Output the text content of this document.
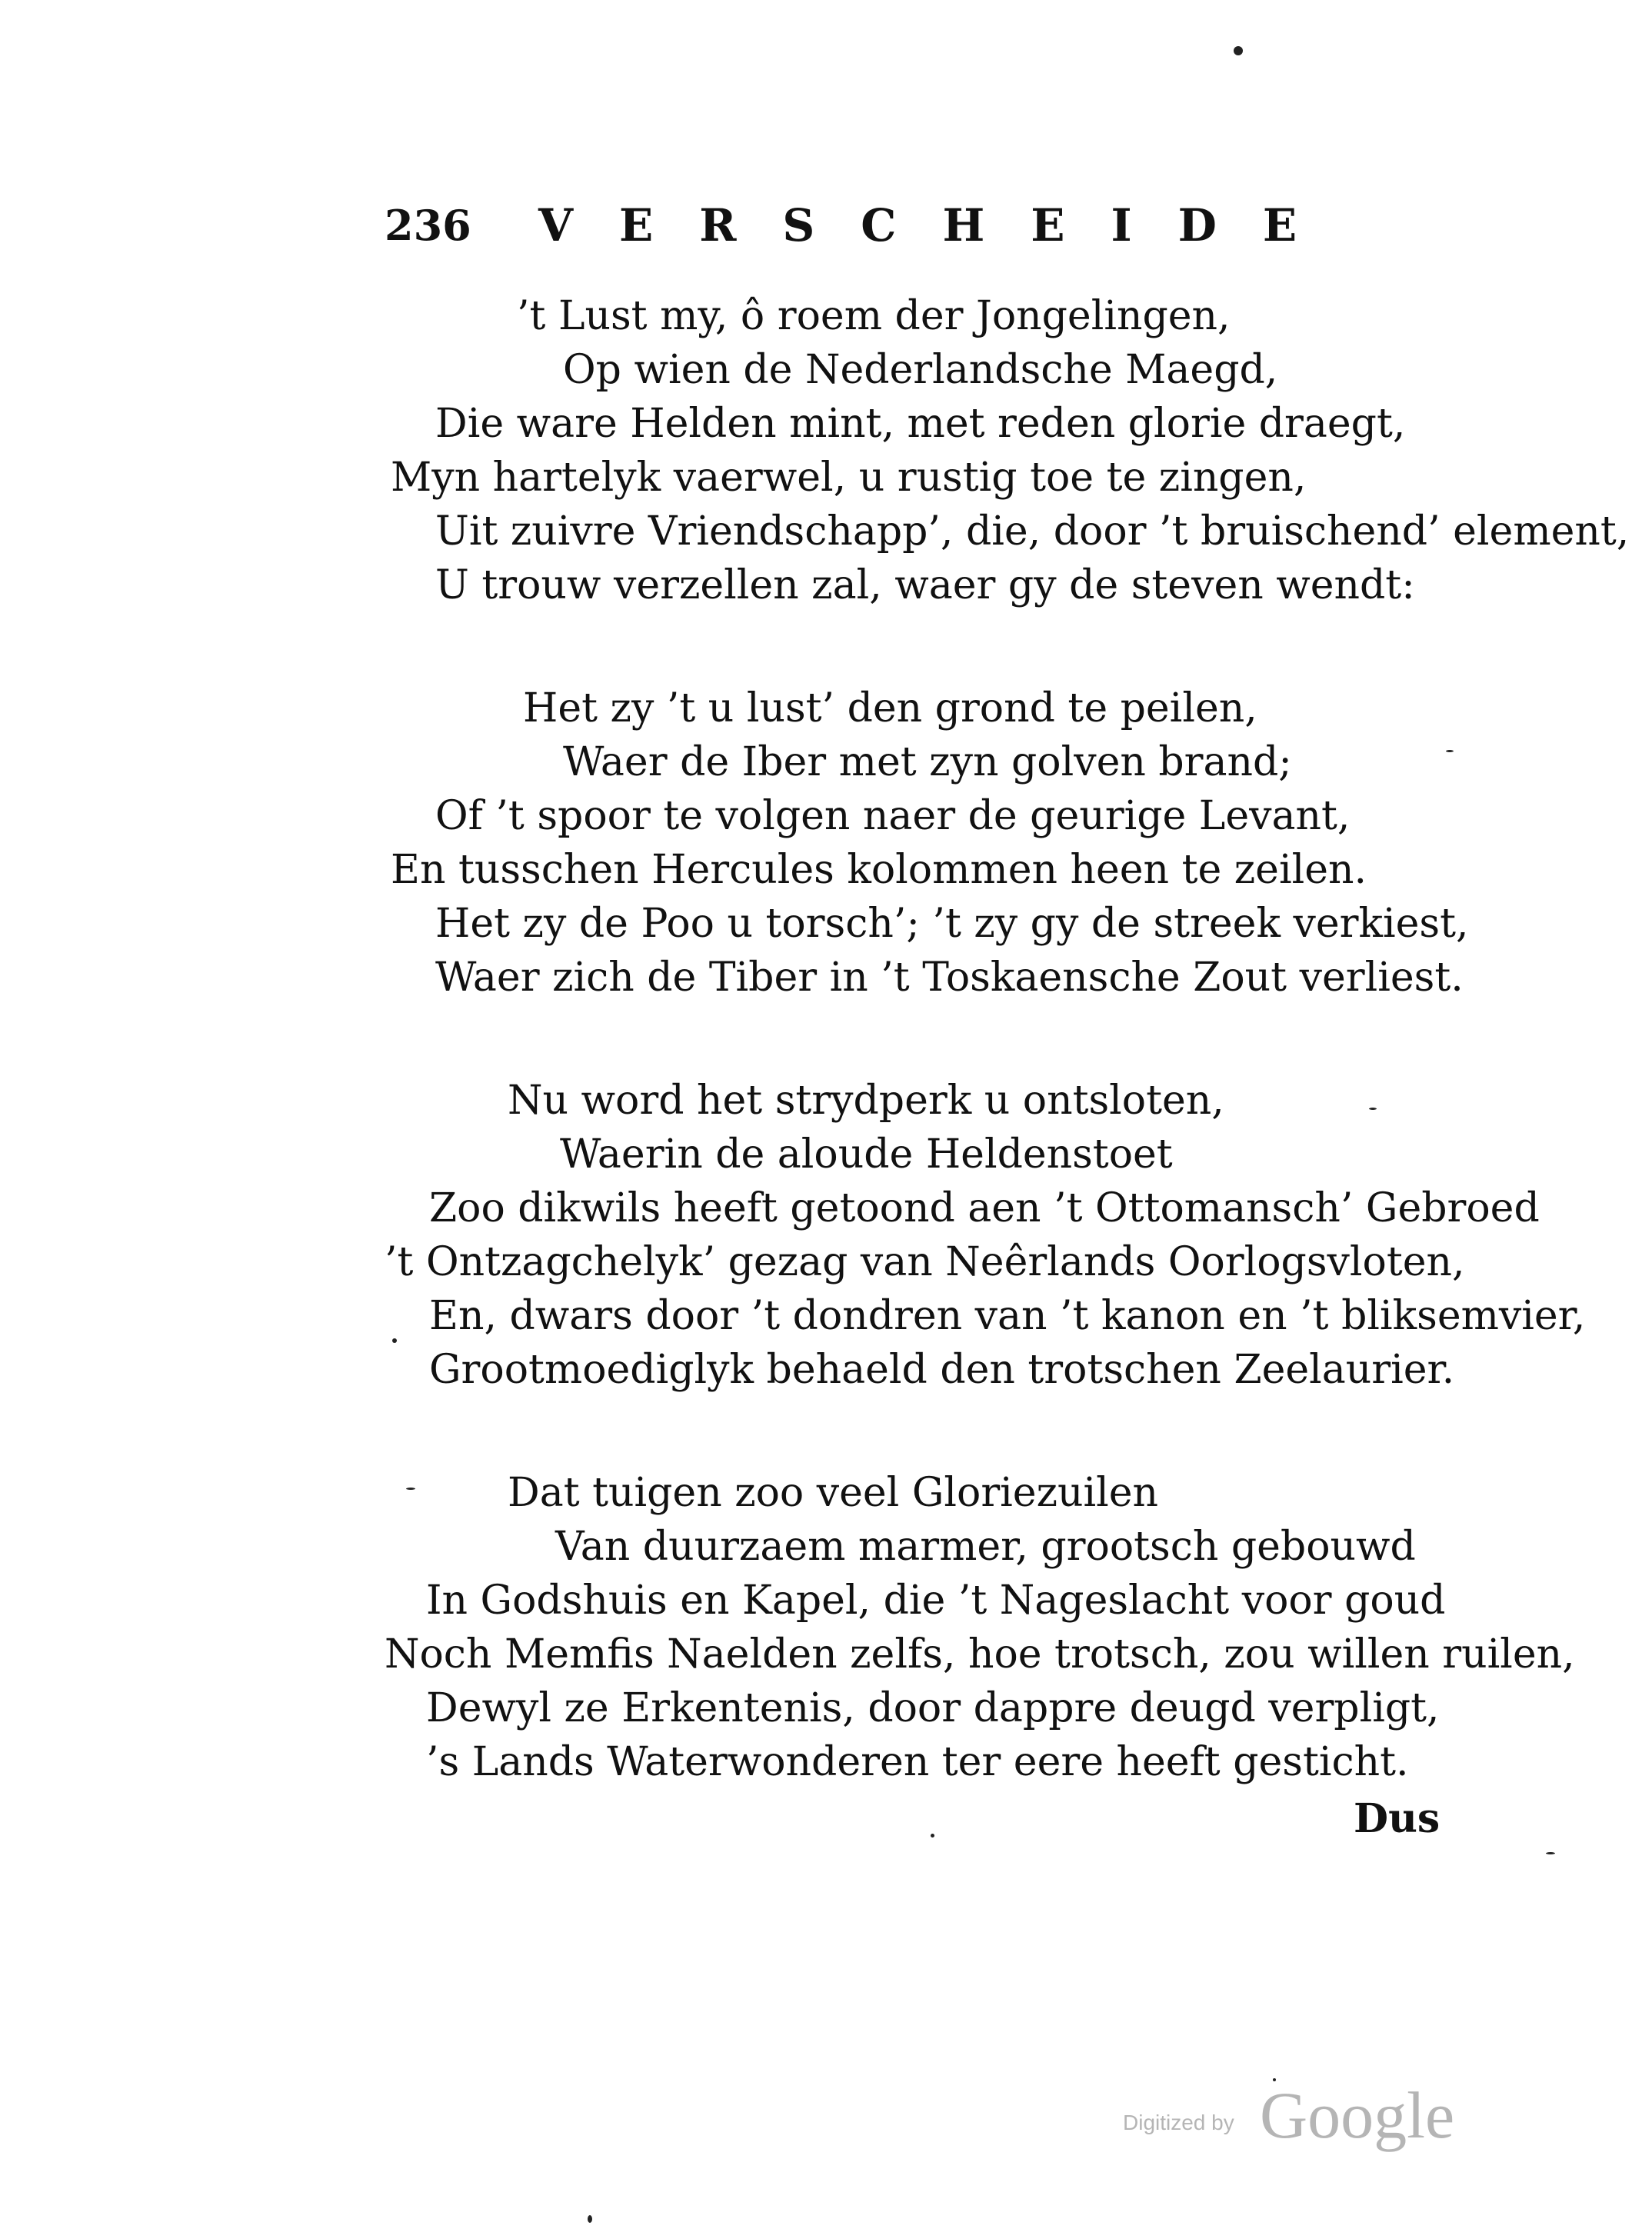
236 VERSCHEIDE
’t Lust my, ô roem der Jongelingen,
Op wien de Nederlandsche Maegd,
Die ware Helden mint, met reden glorie draegt,
Myn hartelyk vaerwel, u rustig toe te zingen,
Uit zuivre Vriendschapp’, die, door ’t bruischend’ element,
U trouw verzellen zal, waer gy de steven wendt:
Het zy ’t u lust’ den grond te peilen,
Waer de Iber met zyn golven brand;
Of ’t spoor te volgen naer de geurige Levant,
En tusschen Hercules kolommen heen te zeilen.
Het zy de Poo u torsch’; ’t zy gy de streek verkiest,
Waer zich de Tiber in ’t Toskaensche Zout verliest.
Nu word het strydperk u ontsloten,
Waerin de aloude Heldenstoet
Zoo dikwils heeft getoond aen ’t Ottomansch’ Gebroed
’t Ontzagchelyk’ gezag van Neêrlands Oorlogsvloten,
En, dwars door ’t dondren van ’t kanon en ’t bliksemvier,
Grootmoediglyk behaeld den trotschen Zeelaurier.
Dat tuigen zoo veel Gloriezuilen
Van duurzaem marmer, grootsch gebouwd
In Godshuis en Kapel, die ’t Nageslacht voor goud
Noch Memfis Naelden zelfs, hoe trotsch, zou willen ruilen,
Dewyl ze Erkentenis, door dappre deugd verpligt,
’s Lands Waterwonderen ter eere heeft gesticht.
Dus
Digitized by Google
